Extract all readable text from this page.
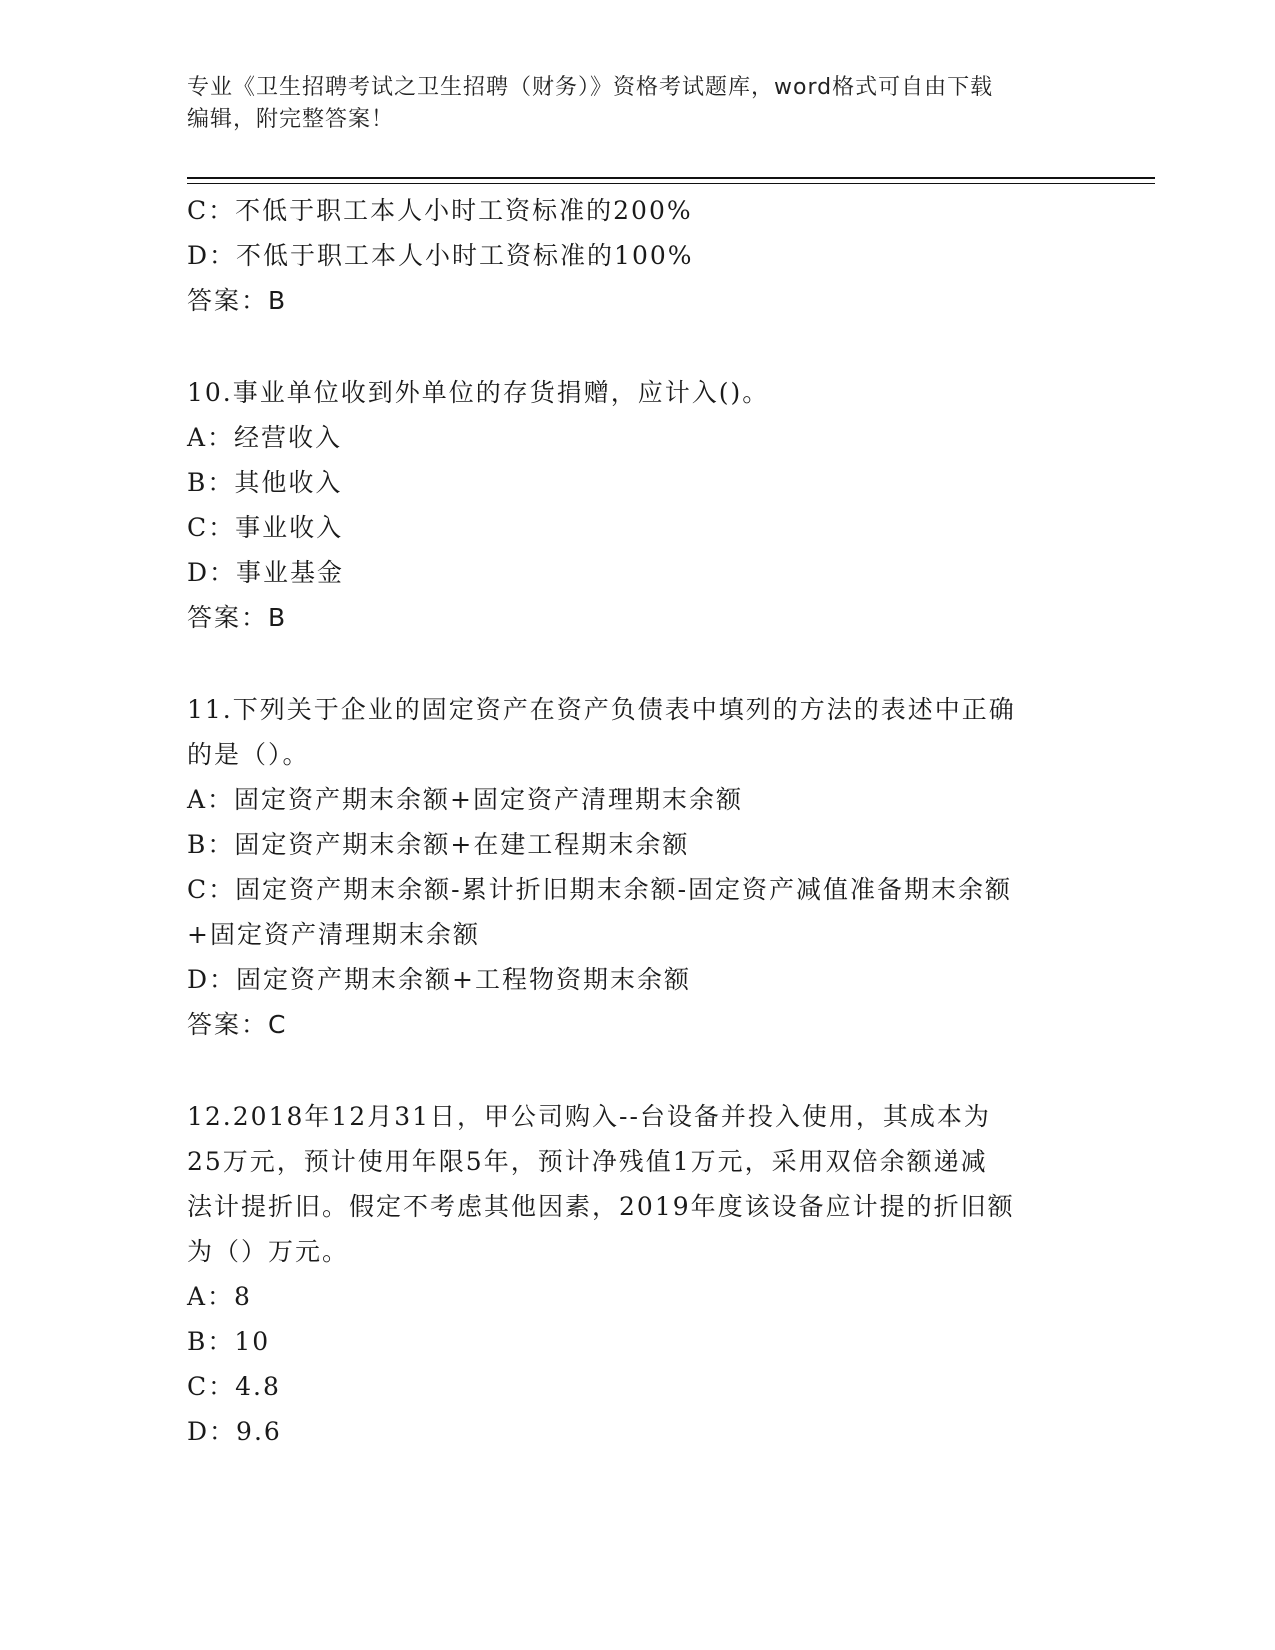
专业《卫生招聘考试之卫生招聘（财务）》资格考试题库，word格式可自由下载
编辑，附完整答案！
C：不低于职工本人小时工资标准的200%
D：不低于职工本人小时工资标准的100%
答案：B
10.事业单位收到外单位的存货捐赠，应计入()。
A：经营收入
B：其他收入
C：事业收入
D：事业基金
答案：B
11.下列关于企业的固定资产在资产负债表中填列的方法的表述中正确
的是（）。
A：固定资产期末余额+固定资产清理期末余额
B：固定资产期末余额+在建工程期末余额
C：固定资产期末余额-累计折旧期末余额-固定资产减值准备期末余额
+固定资产清理期末余额
D：固定资产期末余额+工程物资期末余额
答案：C
12.2018年12月31日，甲公司购入--台设备并投入使用，其成本为
25万元，预计使用年限5年，预计净残值1万元，采用双倍余额递减
法计提折旧。假定不考虑其他因素，2019年度该设备应计提的折旧额
为（）万元。
A：8
B：10
C：4.8
D：9.6
